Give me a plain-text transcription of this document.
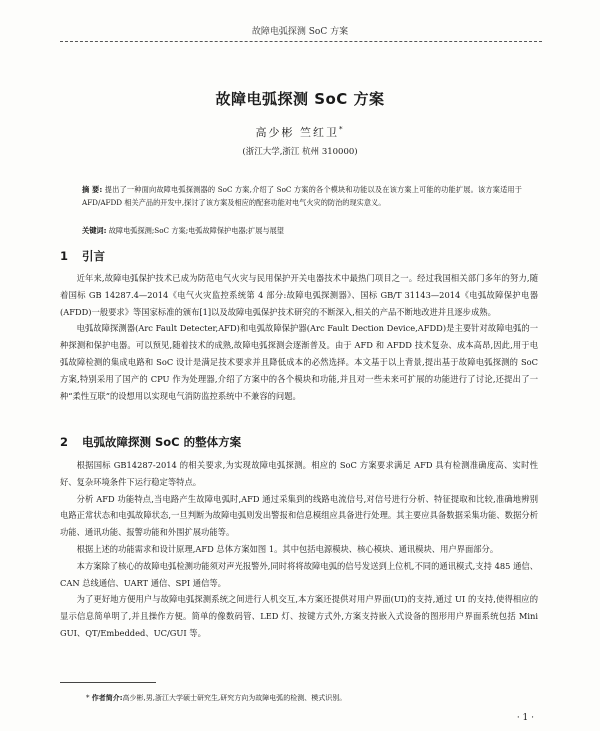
故障电弧探测 SoC 方案
故障电弧探测 SoC 方案
高少彬 竺红卫*
(浙江大学,浙江 杭州 310000)
摘 要: 提出了一种面向故障电弧探测器的 SoC 方案,介绍了 SoC 方案的各个模块和功能以及在该方案上可能的功能扩展。该方案适用于 AFD/AFDD 相关产品的开发中,探讨了该方案及相应的配套功能对电气火灾的防治的现实意义。
关键词: 故障电弧探测;SoC 方案;电弧故障保护电器;扩展与展望
1 引言

近年来,故障电弧保护技术已成为防范电气火灾与民用保护开关电器技术中最热门项目之一。经过我国相关部门多年的努力,随着国标 GB 14287.4—2014《电气火灾监控系统第 4 部分:故障电弧探测器》、国标 GB/T 31143—2014《电弧故障保护电器(AFDD)一般要求》等国家标准的颁布[1]以及故障电弧保护技术研究的不断深入,相关的产品不断地改进并且逐步成熟。

电弧故障探测器(Arc Fault Detecter,AFD)和电弧故障保护器(Arc Fault Dection Device,AFDD)是主要针对故障电弧的一种探测和保护电器。可以预见,随着技术的成熟,故障电弧探测会逐渐普及。由于 AFD 和 AFDD 技术复杂、成本高昂,因此,用于电弧故障检测的集成电路和 SoC 设计是满足技术要求并且降低成本的必然选择。本文基于以上背景,提出基于故障电弧探测的 SoC 方案,特别采用了国产的 CPU 作为处理器,介绍了方案中的各个模块和功能,并且对一些未来可扩展的功能进行了讨论,还提出了一种“柔性互联”的设想用以实现电气消防监控系统中不兼容的问题。

2 电弧故障探测 SoC 的整体方案

根据国标 GB14287-2014 的相关要求,为实现故障电弧探测。相应的 SoC 方案要求满足 AFD 具有检测准确度高、实时性好、复杂环境条件下运行稳定等特点。

分析 AFD 功能特点,当电路产生故障电弧时,AFD 通过采集到的线路电流信号,对信号进行分析、特征提取和比较,准确地辨别电路正常状态和电弧故障状态,一旦判断为故障电弧则发出警报和信息模组应具备进行处理。其主要应具备数据采集功能、数据分析功能、通讯功能、报警功能和外围扩展功能等。

根据上述的功能需求和设计原理,AFD 总体方案如图 1。其中包括电源模块、核心模块、通讯模块、用户界面部分。

本方案除了核心的故障电弧检测功能须对声光报警外,同时将将故障电弧的信号发送到上位机,不同的通讯模式,支持 485 通信、CAN 总线通信、UART 通信、SPI 通信等。

为了更好地方便用户与故障电弧探测系统之间进行人机交互,本方案还提供对用户界面(UI)的支持,通过 UI 的支持,使得相应的显示信息简单明了,并且操作方便。简单的像数码管、LED 灯、按键方式外,方案支持嵌入式设备的图形用户界面系统包括 Mini GUI、QT/Embedded、UC/GUI 等。

* 作者简介:高少彬,男,浙江大学硕士研究生,研究方向为故障电弧的检测、模式识别。
· 1 ·
